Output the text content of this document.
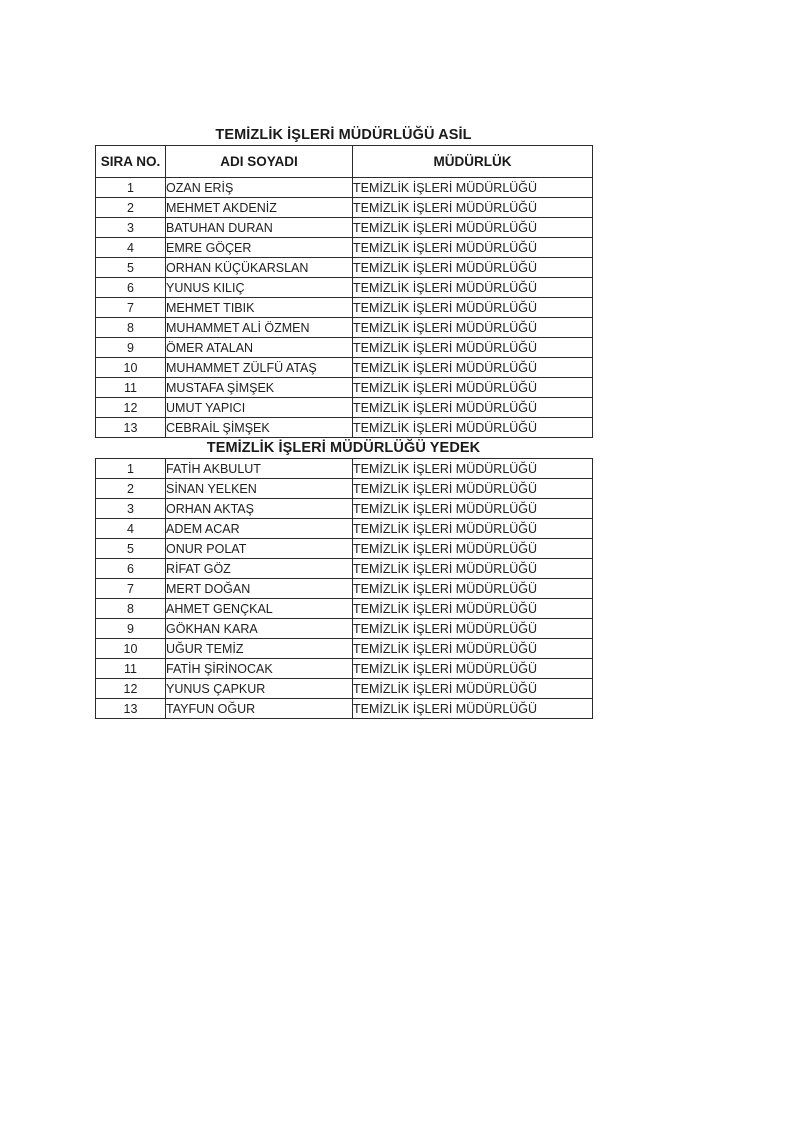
TEMİZLİK İŞLERİ MÜDÜRLÜĞÜ ASİL
SIRA NO.	ADI SOYADI	MÜDÜRLÜK
1	OZAN ERİŞ	TEMİZLİK İŞLERİ MÜDÜRLÜĞÜ
2	MEHMET AKDENİZ	TEMİZLİK İŞLERİ MÜDÜRLÜĞÜ
3	BATUHAN DURAN	TEMİZLİK İŞLERİ MÜDÜRLÜĞÜ
4	EMRE GÖÇER	TEMİZLİK İŞLERİ MÜDÜRLÜĞÜ
5	ORHAN KÜÇÜKARSLAN	TEMİZLİK İŞLERİ MÜDÜRLÜĞÜ
6	YUNUS KILIÇ	TEMİZLİK İŞLERİ MÜDÜRLÜĞÜ
7	MEHMET TIBIK	TEMİZLİK İŞLERİ MÜDÜRLÜĞÜ
8	MUHAMMET ALİ ÖZMEN	TEMİZLİK İŞLERİ MÜDÜRLÜĞÜ
9	ÖMER ATALAN	TEMİZLİK İŞLERİ MÜDÜRLÜĞÜ
10	MUHAMMET ZÜLFÜ ATAŞ	TEMİZLİK İŞLERİ MÜDÜRLÜĞÜ
11	MUSTAFA ŞİMŞEK	TEMİZLİK İŞLERİ MÜDÜRLÜĞÜ
12	UMUT YAPICI	TEMİZLİK İŞLERİ MÜDÜRLÜĞÜ
13	CEBRAİL ŞİMŞEK	TEMİZLİK İŞLERİ MÜDÜRLÜĞÜ
TEMİZLİK İŞLERİ MÜDÜRLÜĞÜ YEDEK
1	FATİH AKBULUT	TEMİZLİK İŞLERİ MÜDÜRLÜĞÜ
2	SİNAN YELKEN	TEMİZLİK İŞLERİ MÜDÜRLÜĞÜ
3	ORHAN AKTAŞ	TEMİZLİK İŞLERİ MÜDÜRLÜĞÜ
4	ADEM ACAR	TEMİZLİK İŞLERİ MÜDÜRLÜĞÜ
5	ONUR POLAT	TEMİZLİK İŞLERİ MÜDÜRLÜĞÜ
6	RİFAT GÖZ	TEMİZLİK İŞLERİ MÜDÜRLÜĞÜ
7	MERT DOĞAN	TEMİZLİK İŞLERİ MÜDÜRLÜĞÜ
8	AHMET GENÇKAL	TEMİZLİK İŞLERİ MÜDÜRLÜĞÜ
9	GÖKHAN KARA	TEMİZLİK İŞLERİ MÜDÜRLÜĞÜ
10	UĞUR TEMİZ	TEMİZLİK İŞLERİ MÜDÜRLÜĞÜ
11	FATİH ŞİRİNOCAK	TEMİZLİK İŞLERİ MÜDÜRLÜĞÜ
12	YUNUS ÇAPKUR	TEMİZLİK İŞLERİ MÜDÜRLÜĞÜ
13	TAYFUN OĞUR	TEMİZLİK İŞLERİ MÜDÜRLÜĞÜ
